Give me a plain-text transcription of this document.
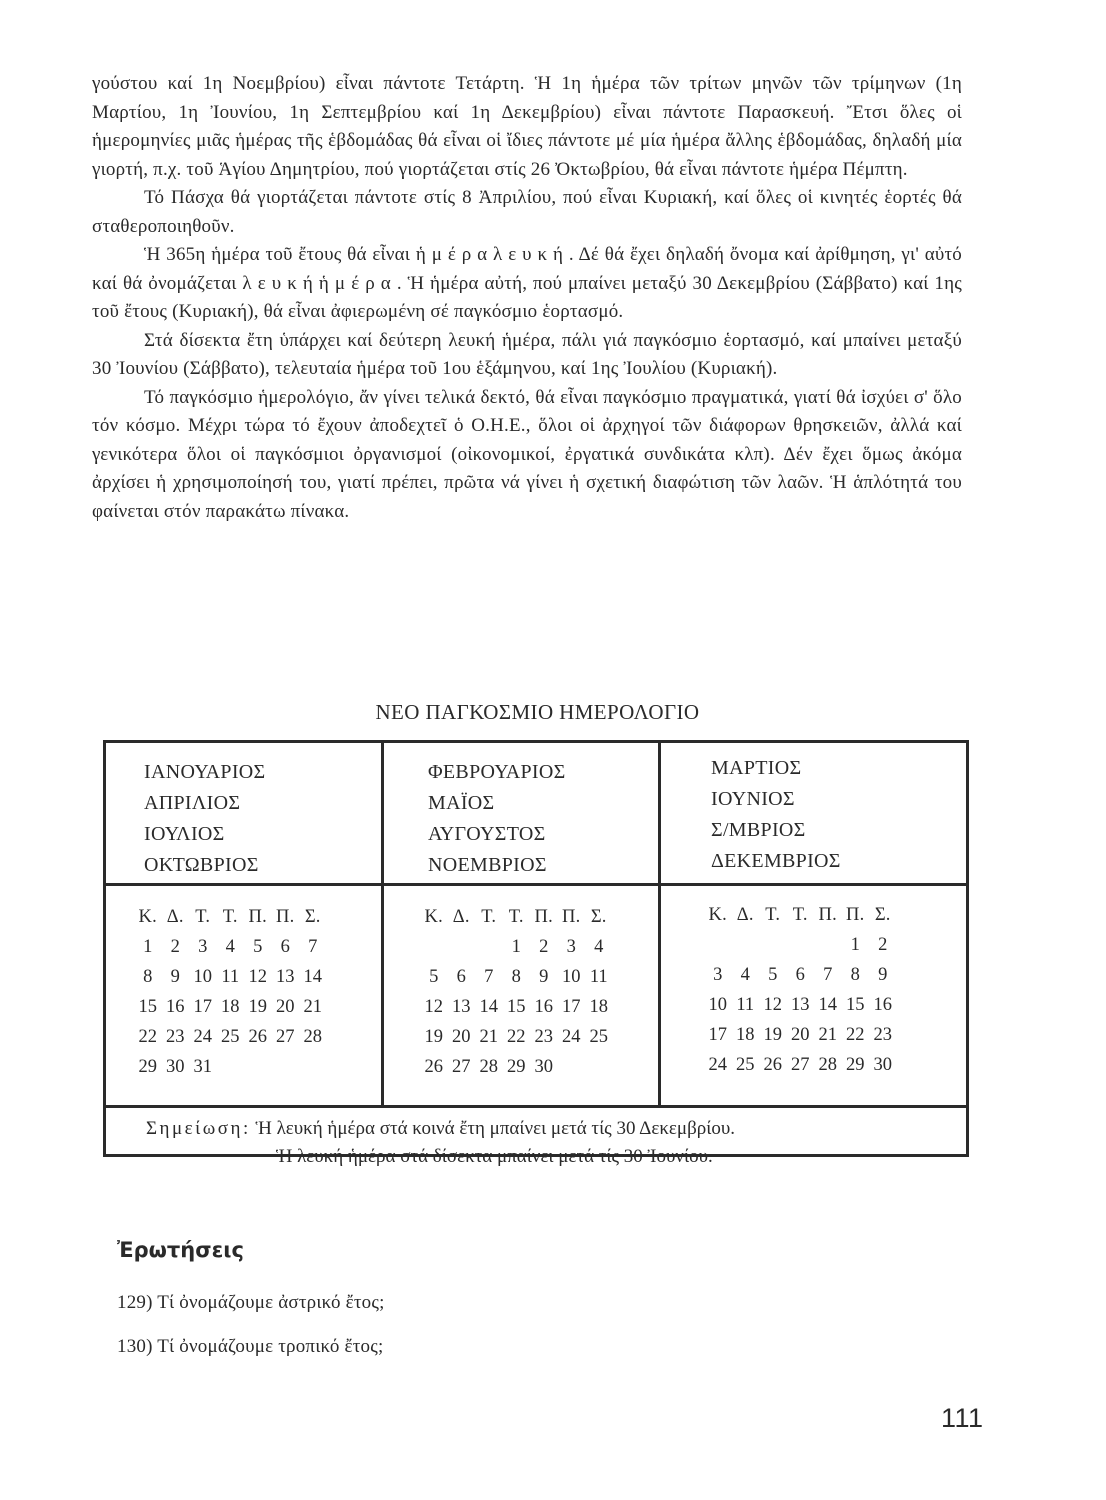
γούστου καί 1η Νοεμβρίου) εἶναι πάντοτε Τετάρτη. Ἡ 1η ἡμέρα τῶν τρίτων μηνῶν τῶν τρίμηνων (1η Μαρτίου, 1η Ἰουνίου, 1η Σεπτεμβρίου καί 1η Δεκεμβρίου) εἶναι πάντοτε Παρασκευή. Ἔτσι ὅλες οἱ ἡμερομηνίες μιᾶς ἡμέρας τῆς ἑβδομάδας θά εἶναι οἱ ἴδιες πάντοτε μέ μία ἡμέρα ἄλλης ἑβδομάδας, δηλαδή μία γιορτή, π.χ. τοῦ Ἁγίου Δημητρίου, πού γιορτάζεται στίς 26 Ὀκτωβρίου, θά εἶναι πάντοτε ἡμέρα Πέμπτη.

Τό Πάσχα θά γιορτάζεται πάντοτε στίς 8 Ἀπριλίου, πού εἶναι Κυριακή, καί ὅλες οἱ κινητές ἑορτές θά σταθεροποιηθοῦν.

Ἡ 365η ἡμέρα τοῦ ἔτους θά εἶναι ἡ μ έ ρ α λ ε υ κ ή . Δέ θά ἔχει δηλαδή ὄνομα καί ἀρίθμηση, γι' αὐτό καί θά ὀνομάζεται λ ε υ κ ή ἡ μ έ ρ α . Ἡ ἡμέρα αὐτή, πού μπαίνει μεταξύ 30 Δεκεμβρίου (Σάββατο) καί 1ης τοῦ ἔτους (Κυριακή), θά εἶναι ἀφιερωμένη σέ παγκόσμιο ἑορτασμό.

Στά δίσεκτα ἔτη ὑπάρχει καί δεύτερη λευκή ἡμέρα, πάλι γιά παγκόσμιο ἑορτασμό, καί μπαίνει μεταξύ 30 Ἰουνίου (Σάββατο), τελευταία ἡμέρα τοῦ 1ου ἑξάμηνου, καί 1ης Ἰουλίου (Κυριακή).

Τό παγκόσμιο ἡμερολόγιο, ἄν γίνει τελικά δεκτό, θά εἶναι παγκόσμιο πραγματικά, γιατί θά ἰσχύει σ' ὅλο τόν κόσμο. Μέχρι τώρα τό ἔχουν ἀποδεχτεῖ ὁ Ο.Η.Ε., ὅλοι οἱ ἀρχηγοί τῶν διάφορων θρησκειῶν, ἀλλά καί γενικότερα ὅλοι οἱ παγκόσμιοι ὀργανισμοί (οἰκονομικοί, ἐργατικά συνδικάτα κλπ). Δέν ἔχει ὅμως ἀκόμα ἀρχίσει ἡ χρησιμοποίησή του, γιατί πρέπει, πρῶτα νά γίνει ἡ σχετική διαφώτιση τῶν λαῶν. Ἡ ἁπλότητά του φαίνεται στόν παρακάτω πίνακα.

ΝΕΟ ΠΑΓΚΟΣΜΙΟ ΗΜΕΡΟΛΟΓΙΟ
ΙΑΝΟΥΑΡΙΟΣ
ΑΠΡΙΛΙΟΣ
ΙΟΥΛΙΟΣ
ΟΚΤΩΒΡΙΟΣ
ΦΕΒΡΟΥΑΡΙΟΣ
ΜΑΪΟΣ
ΑΥΓΟΥΣΤΟΣ
ΝΟΕΜΒΡΙΟΣ
ΜΑΡΤΙΟΣ
ΙΟΥΝΙΟΣ
Σ/ΜΒΡΙΟΣ
ΔΕΚΕΜΒΡΙΟΣ
Κ. Δ. Τ. Τ. Π. Π. Σ.
1 2 3 4 5 6 7
8 9 10 11 12 13 14
15 16 17 18 19 20 21
22 23 24 25 26 27 28
29 30 31
Κ. Δ. Τ. Τ. Π. Π. Σ.
1 2 3 4
5 6 7 8 9 10 11
12 13 14 15 16 17 18
19 20 21 22 23 24 25
26 27 28 29 30
Κ. Δ. Τ. Τ. Π. Π. Σ.
1 2
3 4 5 6 7 8 9
10 11 12 13 14 15 16
17 18 19 20 21 22 23
24 25 26 27 28 29 30
Σημείωση: Ἡ λευκή ἡμέρα στά κοινά ἔτη μπαίνει μετά τίς 30 Δεκεμβρίου.
Ἡ λευκή ἡμέρα στά δίσεκτα μπαίνει μετά τίς 30 Ἰουνίου.
Ἐρωτήσεις
129) Τί ὀνομάζουμε ἀστρικό ἔτος;
130) Τί ὀνομάζουμε τροπικό ἔτος;
111
